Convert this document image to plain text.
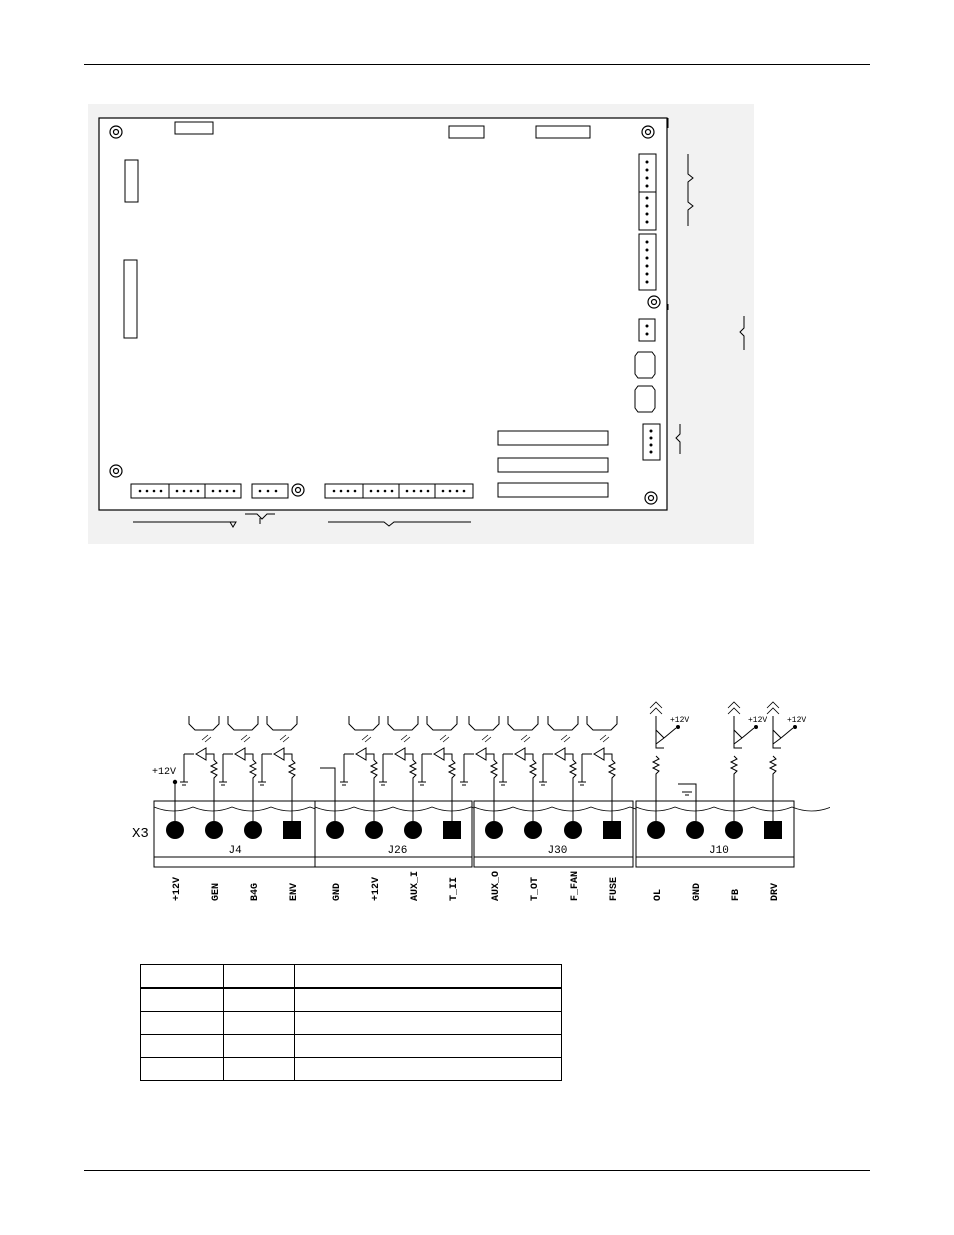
J4	J26	J30	J10
X3
+12V	GEN	B4G	ENV	GND	+12V	AUX_I	T_II	AUX_O	T_OT	F_FAN	FUSE	OL	GND	FB	DRV
+12V
+12V	+12V +12V
